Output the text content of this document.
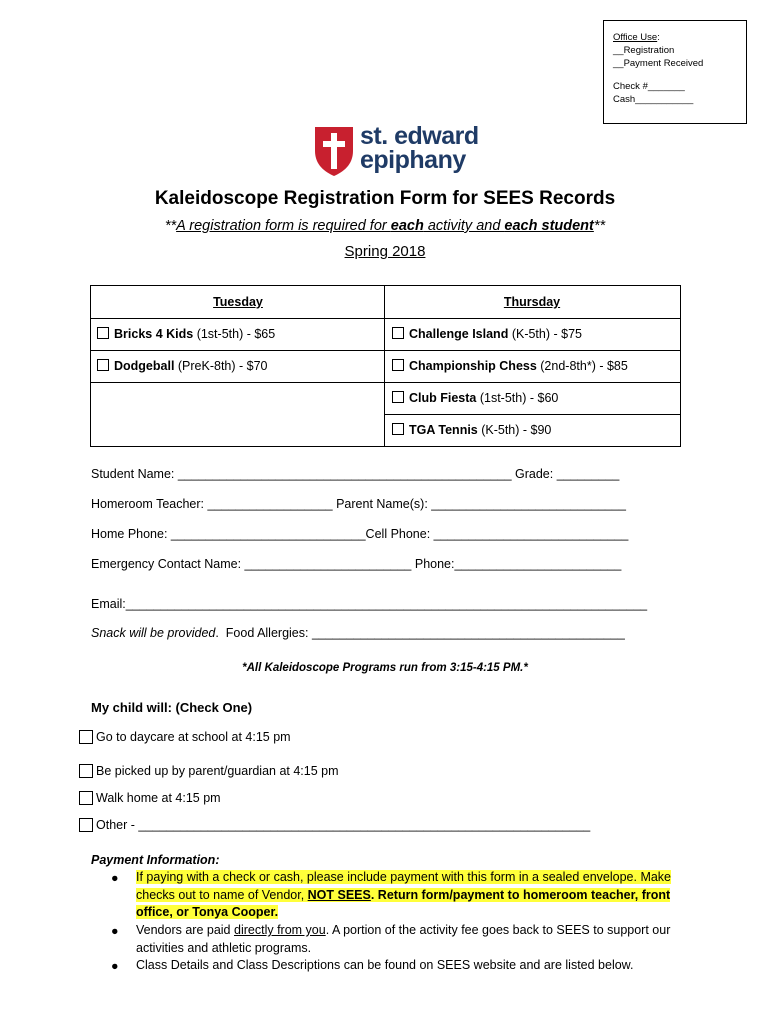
Office Use:
__Registration
__Payment Received
Check #_______
Cash___________
st. edward
epiphany
Kaleidoscope Registration Form for SEES Records
**A registration form is required for each activity and each student**
Spring 2018
Tuesday	Thursday
Bricks 4 Kids (1st-5th) - $65
Dodgeball (PreK-8th) - $70
Challenge Island (K-5th) - $75
Championship Chess (2nd-8th*) - $85
Club Fiesta (1st-5th) - $60
TGA Tennis (K-5th) - $90
Student Name: ________________________________________________ Grade: _________
Homeroom Teacher: __________________ Parent Name(s): ____________________________
Home Phone: ____________________________Cell Phone: ____________________________
Emergency Contact Name: ________________________ Phone:________________________
Email:___________________________________________________________________________
Snack will be provided.  Food Allergies: _____________________________________________
*All Kaleidoscope Programs run from 3:15-4:15 PM.*
My child will: (Check One)
Go to daycare at school at 4:15 pm
Be picked up by parent/guardian at 4:15 pm
Walk home at 4:15 pm
Other - _________________________________________________________________
Payment Information:
● If paying with a check or cash, please include payment with this form in a sealed envelope. Make checks out to name of Vendor, NOT SEES. Return form/payment to homeroom teacher, front office, or Tonya Cooper.
● Vendors are paid directly from you. A portion of the activity fee goes back to SEES to support our activities and athletic programs.
● Class Details and Class Descriptions can be found on SEES website and are listed below.
